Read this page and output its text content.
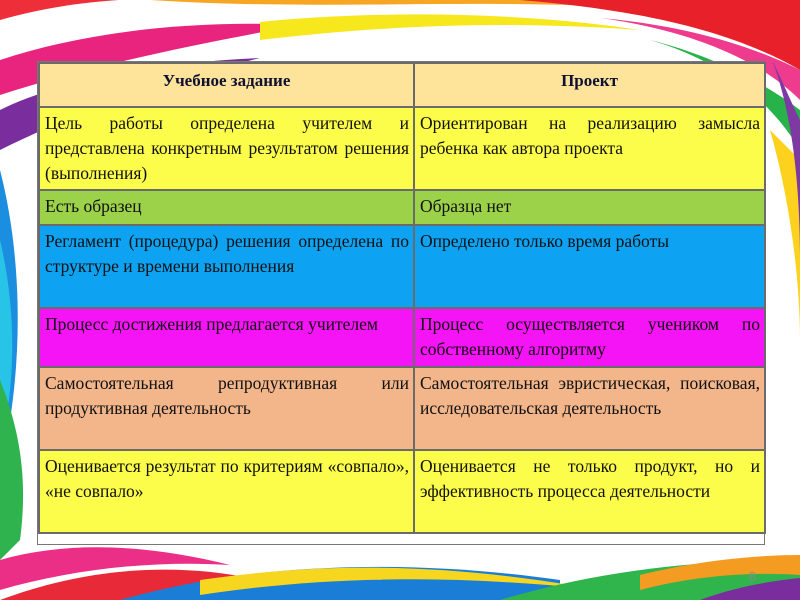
Учебное задание	Проект
Цель работы определена учителем и представлена конкретным результатом решения (выполнения)	Ориентирован на реализацию замысла ребенка как автора проекта
Есть образец	Образца нет
Регламент (процедура) решения определена по структуре и времени выполнения	Определено только время работы
Процесс достижения предлагается учителем	Процесс осуществляется учеником по собственному алгоритму
Самостоятельная репродуктивная или продуктивная деятельность	Самостоятельная эвристическая, поисковая, исследовательская деятельность
Оценивается результат по критериям «совпало», «не совпало»	Оценивается не только продукт, но и эффективность процесса деятельности
8
